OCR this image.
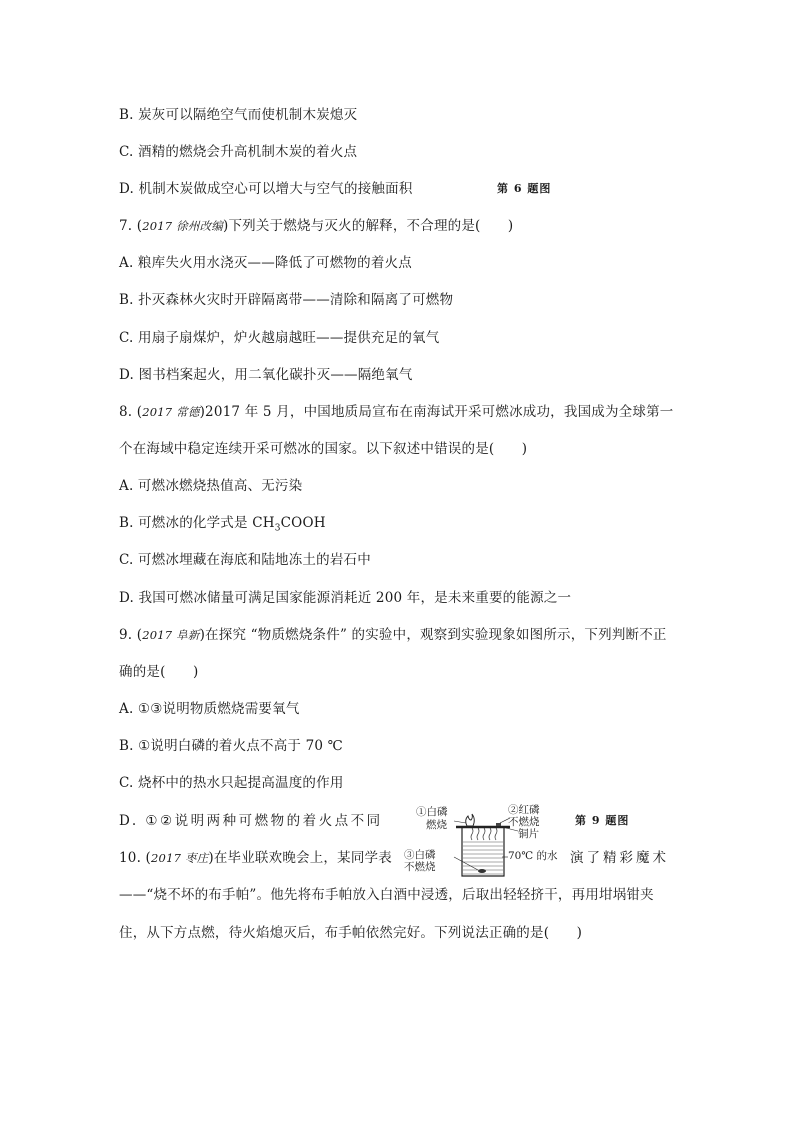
B. 炭灰可以隔绝空气而使机制木炭熄灭
C. 酒精的燃烧会升高机制木炭的着火点
D. 机制木炭做成空心可以增大与空气的接触面积	第 6 题图
7. (2017 徐州改编)下列关于燃烧与灭火的解释，不合理的是(　　)
A. 粮库失火用水浇灭——降低了可燃物的着火点
B. 扑灭森林火灾时开辟隔离带——清除和隔离了可燃物
C. 用扇子扇煤炉，炉火越扇越旺——提供充足的氧气
D. 图书档案起火，用二氧化碳扑灭——隔绝氧气
8. (2017 常德)2017 年 5 月，中国地质局宣布在南海试开采可燃冰成功，我国成为全球第一
个在海域中稳定连续开采可燃冰的国家。以下叙述中错误的是(　　)
A. 可燃冰燃烧热值高、无污染
B. 可燃冰的化学式是 $CH_3COOH$
C. 可燃冰埋藏在海底和陆地冻土的岩石中
D. 我国可燃冰储量可满足国家能源消耗近 200 年，是未来重要的能源之一
9. (2017 阜新)在探究 “物质燃烧条件” 的实验中，观察到实验现象如图所示，下列判断不正
确的是(　　)
A. ①③说明物质燃烧需要氧气
B. ①说明白磷的着火点不高于 70 ℃
C. 烧杯中的热水只起提高温度的作用
D. ①②说明两种可燃物的着火点不同
①白磷
燃烧
②红磷
不燃烧
铜片
③白磷
不燃烧
70℃ 的水
第 9 题图
10. (2017 枣庄)在毕业联欢晚会上，某同学表	演了精彩魔术
——“烧不坏的布手帕”。他先将布手帕放入白酒中浸透，后取出轻轻挤干，再用坩埚钳夹
住，从下方点燃，待火焰熄灭后，布手帕依然完好。下列说法正确的是(　　)
